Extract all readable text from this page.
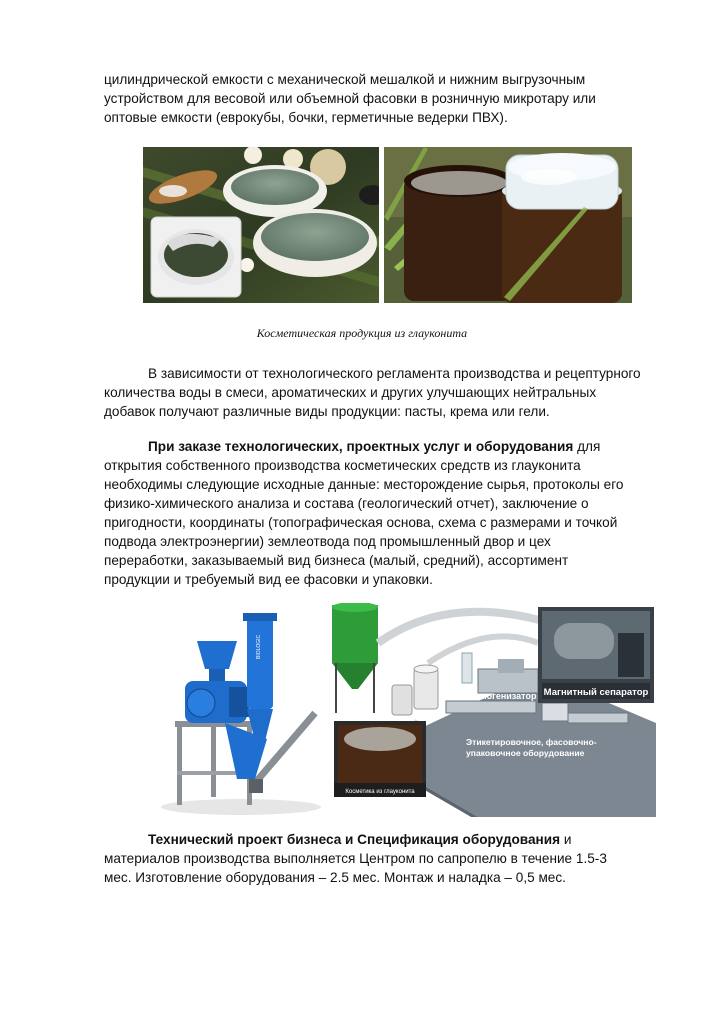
цилиндрической емкости с механической мешалкой и нижним выгрузочным
устройством для весовой или объемной фасовки в розничную микротару или
оптовые емкости (еврокубы, бочки, герметичные ведерки ПВХ).
Косметическая продукция из глауконита
В зависимости от технологического регламента производства и рецептурного
количества воды в смеси, ароматических и других улучшающих нейтральных
добавок получают различные виды продукции: пасты, крема или гели.
При заказе технологических, проектных услуг и оборудования для
открытия собственного производства косметических средств из глауконита
необходимы следующие исходные данные: месторождение сырья, протоколы его
физико-химического анализа и состава (геологический отчет), заключение о
пригодности, координаты (топографическая основа, схема с размерами и точкой
подвода электроэнергии) землеотвода под промышленный двор и цех
переработки, заказываемый вид бизнеса (малый, средний), ассортимент
продукции и требуемый вид ее фасовки и упаковки.
BIOLOGIC
Магнитный сепаратор
Гомогенизатор
Этикетировочное, фасовочно-
упаковочное оборудование
Косметика из глауконита
Технический проект бизнеса и Спецификация оборудования и
материалов производства выполняется Центром по сапропелю в течение 1.5-3
мес. Изготовление оборудования – 2.5 мес. Монтаж и наладка – 0,5 мес.
